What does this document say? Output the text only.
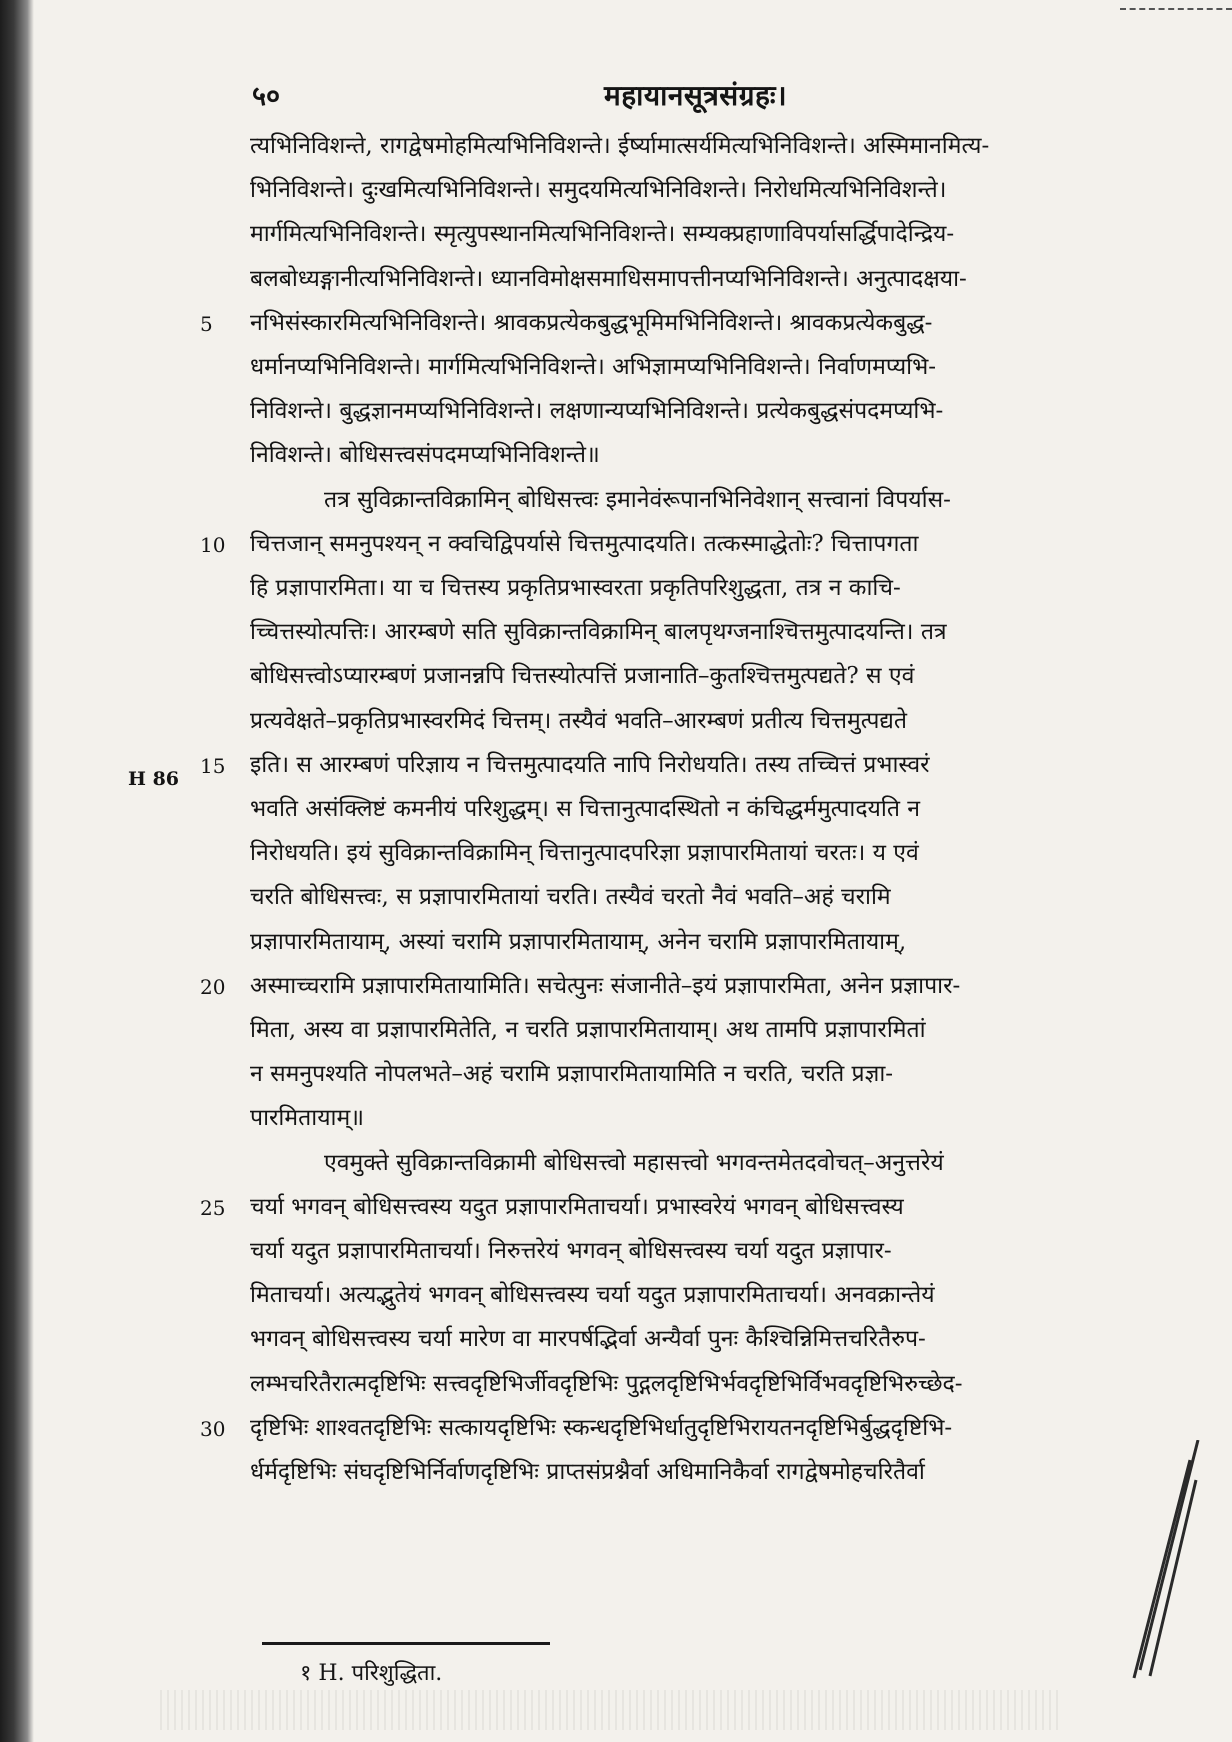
५०	महायानसूत्रसंग्रहः।
H 86
त्यभिनिविशन्ते, रागद्वेषमोहमित्यभिनिविशन्ते। ईर्ष्यामात्सर्यमित्यभिनिविशन्ते। अस्मिमानमित्य-
भिनिविशन्ते। दुःखमित्यभिनिविशन्ते। समुदयमित्यभिनिविशन्ते। निरोधमित्यभिनिविशन्ते।
मार्गमित्यभिनिविशन्ते। स्मृत्युपस्थानमित्यभिनिविशन्ते। सम्यक्प्रहाणाविपर्यासर्द्धिपादेन्द्रिय-
बलबोध्यङ्गानीत्यभिनिविशन्ते। ध्यानविमोक्षसमाधिसमापत्तीनप्यभिनिविशन्ते। अनुत्पादक्षया-
नभिसंस्कारमित्यभिनिविशन्ते। श्रावकप्रत्येकबुद्धभूमिमभिनिविशन्ते। श्रावकप्रत्येकबुद्ध-
5
धर्मानप्यभिनिविशन्ते। मार्गमित्यभिनिविशन्ते। अभिज्ञामप्यभिनिविशन्ते। निर्वाणमप्यभि-
निविशन्ते। बुद्धज्ञानमप्यभिनिविशन्ते। लक्षणान्यप्यभिनिविशन्ते। प्रत्येकबुद्धसंपदमप्यभि-
निविशन्ते। बोधिसत्त्वसंपदमप्यभिनिविशन्ते॥
तत्र सुविक्रान्तविक्रामिन् बोधिसत्त्वः इमानेवंरूपानभिनिवेशान् सत्त्वानां विपर्यास-
चित्तजान् समनुपश्यन् न क्वचिद्विपर्यासे चित्तमुत्पादयति। तत्कस्माद्धेतोः? चित्तापगता
10
हि प्रज्ञापारमिता। या च चित्तस्य प्रकृतिप्रभास्वरता प्रकृतिपरिशुद्धता, तत्र न काचि-
च्चित्तस्योत्पत्तिः। आरम्बणे सति सुविक्रान्तविक्रामिन् बालपृथग्जनाश्चित्तमुत्पादयन्ति। तत्र
बोधिसत्त्वोऽप्यारम्बणं प्रजानन्नपि चित्तस्योत्पत्तिं प्रजानाति–कुतश्चित्तमुत्पद्यते? स एवं
प्रत्यवेक्षते–प्रकृतिप्रभास्वरमिदं चित्तम्। तस्यैवं भवति–आरम्बणं प्रतीत्य चित्तमुत्पद्यते
इति। स आरम्बणं परिज्ञाय न चित्तमुत्पादयति नापि निरोधयति। तस्य तच्चित्तं प्रभास्वरं
15
भवति असंक्लिष्टं कमनीयं परिशुद्धम्। स चित्तानुत्पादस्थितो न कंचिद्धर्ममुत्पादयति न
निरोधयति। इयं सुविक्रान्तविक्रामिन् चित्तानुत्पादपरिज्ञा प्रज्ञापारमितायां चरतः। य एवं
चरति बोधिसत्त्वः, स प्रज्ञापारमितायां चरति। तस्यैवं चरतो नैवं भवति–अहं चरामि
प्रज्ञापारमितायाम्, अस्यां चरामि प्रज्ञापारमितायाम्, अनेन चरामि प्रज्ञापारमितायाम्,
अस्माच्चरामि प्रज्ञापारमितायामिति। सचेत्पुनः संजानीते–इयं प्रज्ञापारमिता, अनेन प्रज्ञापार-
20
मिता, अस्य वा प्रज्ञापारमितेति, न चरति प्रज्ञापारमितायाम्। अथ तामपि प्रज्ञापारमितां
न समनुपश्यति नोपलभते–अहं चरामि प्रज्ञापारमितायामिति न चरति, चरति प्रज्ञा-
पारमितायाम्॥
एवमुक्ते सुविक्रान्तविक्रामी बोधिसत्त्वो महासत्त्वो भगवन्तमेतदवोचत्–अनुत्तरेयं
चर्या भगवन् बोधिसत्त्वस्य यदुत प्रज्ञापारमिताचर्या। प्रभास्वरेयं भगवन् बोधिसत्त्वस्य
25
चर्या यदुत प्रज्ञापारमिताचर्या। निरुत्तरेयं भगवन् बोधिसत्त्वस्य चर्या यदुत प्रज्ञापार-
मिताचर्या। अत्यद्भुतेयं भगवन् बोधिसत्त्वस्य चर्या यदुत प्रज्ञापारमिताचर्या। अनवक्रान्तेयं
भगवन् बोधिसत्त्वस्य चर्या मारेण वा मारपर्षद्भिर्वा अन्यैर्वा पुनः कैश्चिन्निमित्तचरितैरुप-
लम्भचरितैरात्मदृष्टिभिः सत्त्वदृष्टिभिर्जीवदृष्टिभिः पुद्गलदृष्टिभिर्भवदृष्टिभिर्विभवदृष्टिभिरुच्छेद-
दृष्टिभिः शाश्वतदृष्टिभिः सत्कायदृष्टिभिः स्कन्धदृष्टिभिर्धातुदृष्टिभिरायतनदृष्टिभिर्बुद्धदृष्टिभि-
30
र्धर्मदृष्टिभिः संघदृष्टिभिर्निर्वाणदृष्टिभिः प्राप्तसंप्रश्नैर्वा अधिमानिकैर्वा रागद्वेषमोहचरितैर्वा
१ H. परिशुद्धिता.
